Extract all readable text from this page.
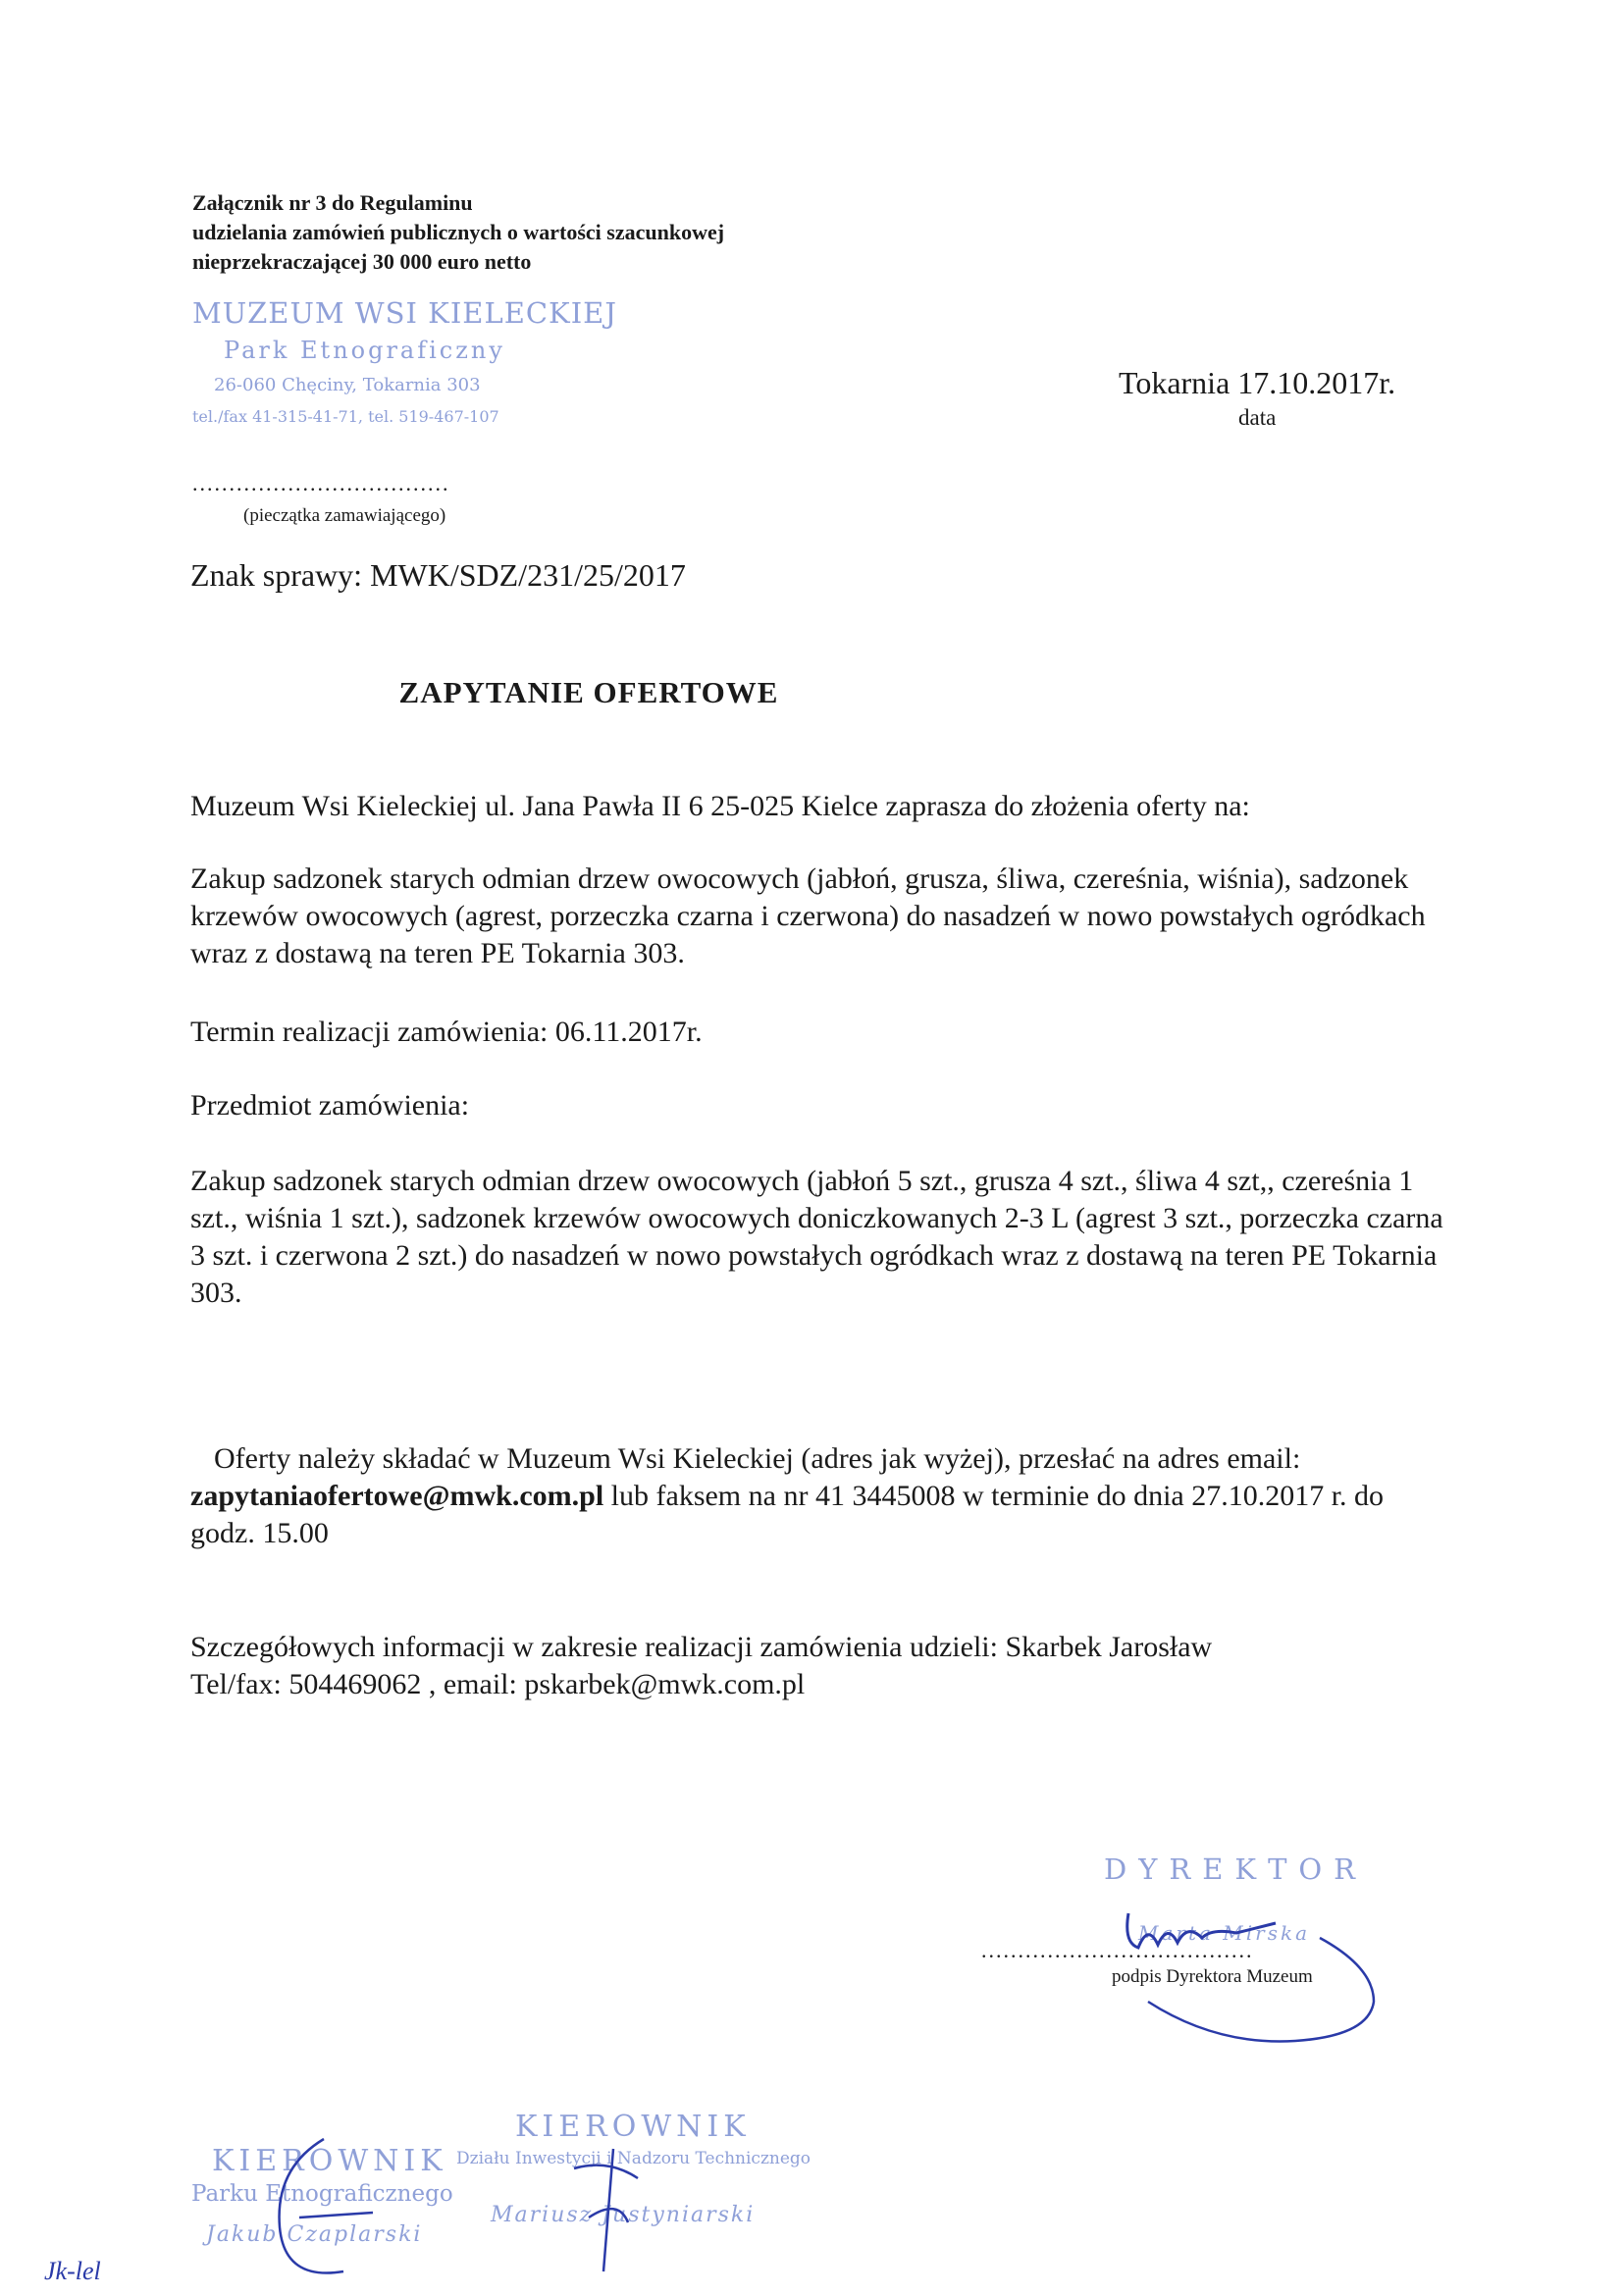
Załącznik nr 3 do Regulaminu
udzielania zamówień publicznych o wartości szacunkowej
nieprzekraczającej 30 000 euro netto
MUZEUM WSI KIELECKIEJ
Park Etnograficzny
26-060 Chęciny, Tokarnia 303
tel./fax 41-315-41-71, tel. 519-467-107
Tokarnia 17.10.2017r.
data
...................................
(pieczątka zamawiającego)
Znak sprawy: MWK/SDZ/231/25/2017
ZAPYTANIE OFERTOWE
Muzeum Wsi Kieleckiej ul. Jana Pawła II 6 25-025 Kielce zaprasza do złożenia oferty na:
Zakup sadzonek starych odmian drzew owocowych (jabłoń, grusza, śliwa, czereśnia, wiśnia), sadzonek krzewów owocowych (agrest, porzeczka czarna i czerwona) do nasadzeń w nowo powstałych ogródkach wraz z dostawą na teren PE Tokarnia 303.
Termin realizacji zamówienia: 06.11.2017r.
Przedmiot zamówienia:
Zakup sadzonek starych odmian drzew owocowych (jabłoń 5 szt., grusza 4 szt., śliwa 4 szt,, czereśnia 1 szt., wiśnia 1 szt.), sadzonek krzewów owocowych doniczkowanych 2-3 L (agrest 3 szt., porzeczka czarna 3 szt. i czerwona 2 szt.) do nasadzeń w nowo powstałych ogródkach wraz z dostawą na teren PE Tokarnia 303.
Oferty należy składać w Muzeum Wsi Kieleckiej (adres jak wyżej), przesłać na adres email: zapytaniaofertowe@mwk.com.pl lub faksem na nr 41 3445008 w terminie do dnia 27.10.2017 r. do godz. 15.00
Szczegółowych informacji w zakresie realizacji zamówienia udzieli: Skarbek Jarosław
Tel/fax: 504469062 , email: pskarbek@mwk.com.pl
DYREKTOR
Marta Mirska
.....................................
podpis Dyrektora Muzeum
KIEROWNIK
Parku Etnograficznego
Jakub Czaplarski
KIEROWNIK
Działu Inwestycji i Nadzoru Technicznego
Mariusz Justyniarski
Jk-lel
